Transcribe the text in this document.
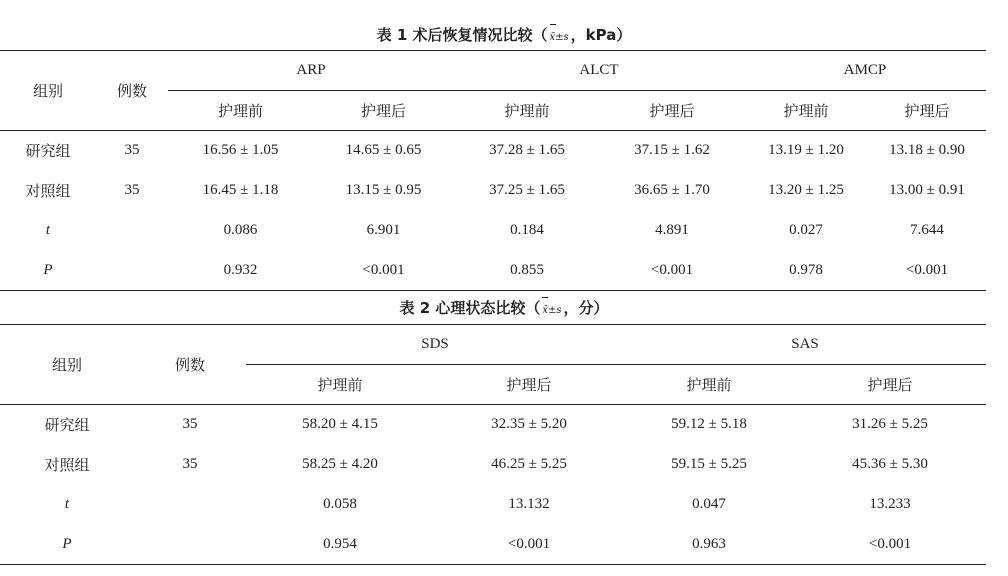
表 1 术后恢复情况比较（ x̄±s ，kPa）
组别	例数	ARP		ALCT		AMCP	
		护理前	护理后	护理前	护理后	护理前	护理后
研究组	35	16.56 ± 1.05	14.65 ± 0.65	37.28 ± 1.65	37.15 ± 1.62	13.19 ± 1.20	13.18 ± 0.90
对照组	35	16.45 ± 1.18	13.15 ± 0.95	37.25 ± 1.65	36.65 ± 1.70	13.20 ± 1.25	13.00 ± 0.91
t		0.086	6.901	0.184	4.891	0.027	7.644
P		0.932	<0.001	0.855	<0.001	0.978	<0.001
表 2 心理状态比较（ x̄±s ，分）
组别	例数	SDS		SAS	
		护理前	护理后	护理前	护理后
研究组	35	58.20 ± 4.15	32.35 ± 5.20	59.12 ± 5.18	31.26 ± 5.25
对照组	35	58.25 ± 4.20	46.25 ± 5.25	59.15 ± 5.25	45.36 ± 5.30
t		0.058	13.132	0.047	13.233
P		0.954	<0.001	0.963	<0.001
